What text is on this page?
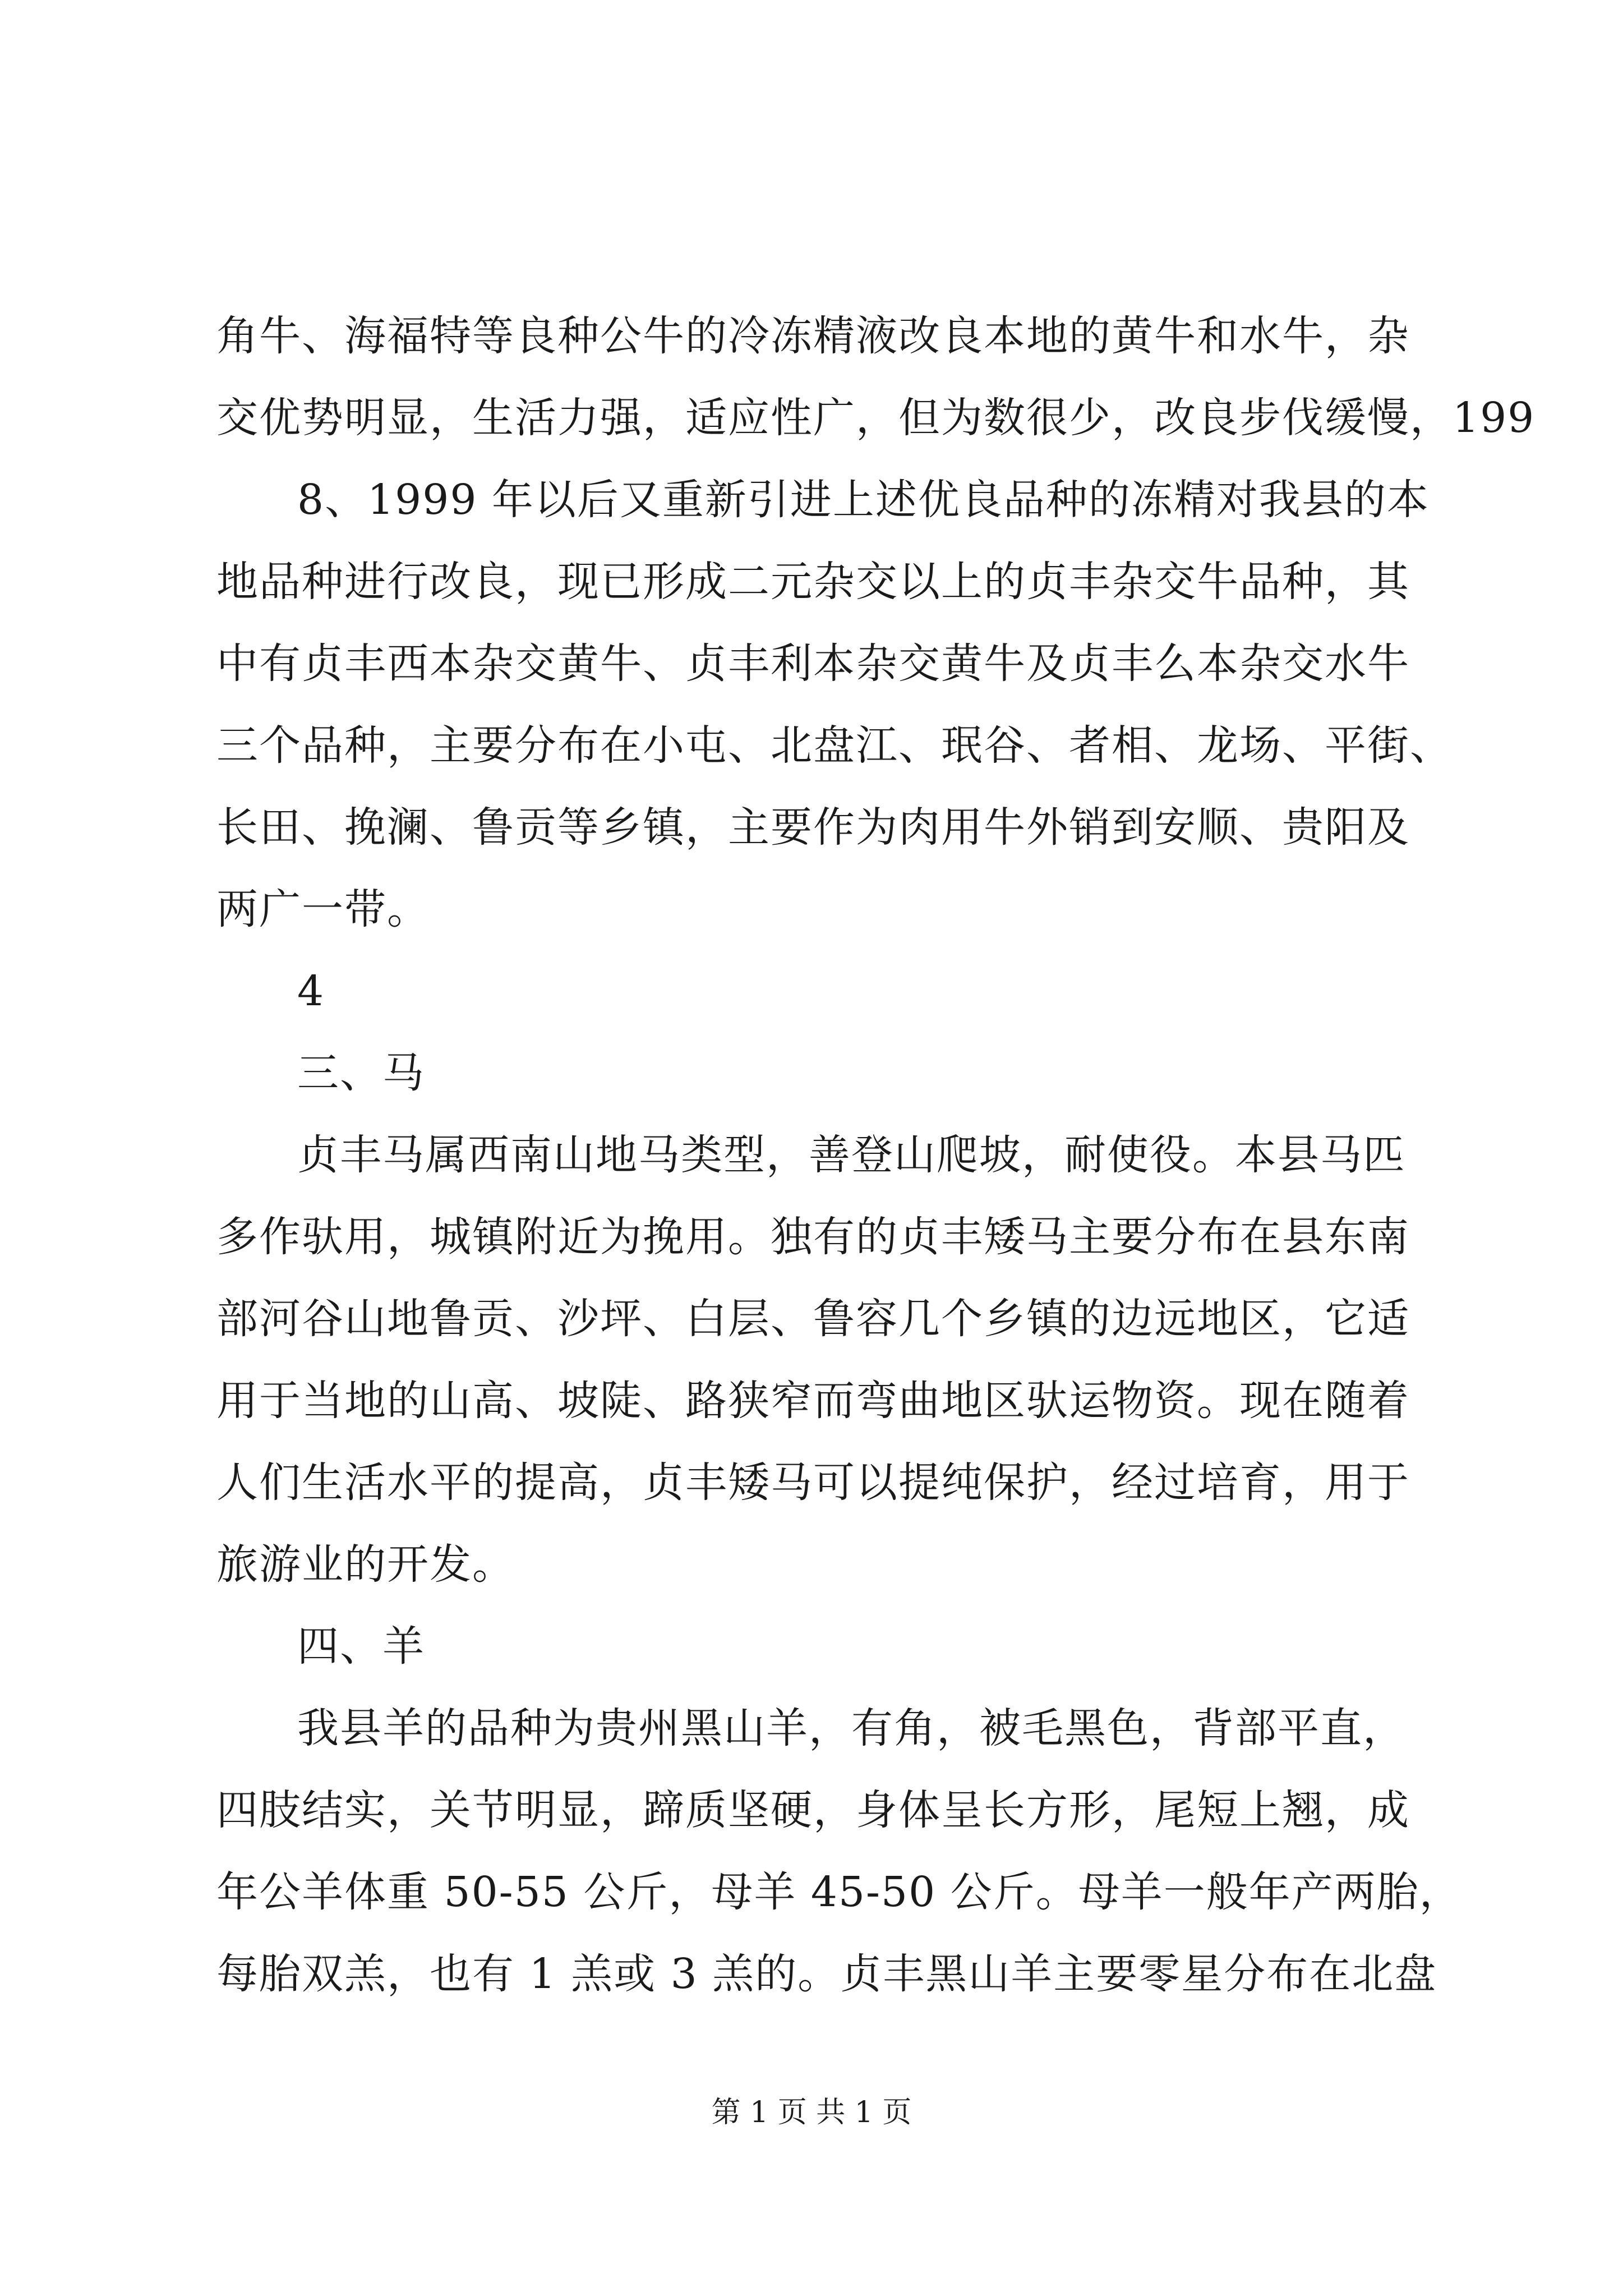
角牛、海福特等良种公牛的冷冻精液改良本地的黄牛和水牛，杂
交优势明显，生活力强，适应性广，但为数很少，改良步伐缓慢，199
8、1999 年以后又重新引进上述优良品种的冻精对我县的本
地品种进行改良，现已形成二元杂交以上的贞丰杂交牛品种，其
中有贞丰西本杂交黄牛、贞丰利本杂交黄牛及贞丰么本杂交水牛
三个品种，主要分布在小屯、北盘江、珉谷、者相、龙场、平街、
长田、挽澜、鲁贡等乡镇，主要作为肉用牛外销到安顺、贵阳及
两广一带。
4
三、马
贞丰马属西南山地马类型，善登山爬坡，耐使役。本县马匹
多作驮用，城镇附近为挽用。独有的贞丰矮马主要分布在县东南
部河谷山地鲁贡、沙坪、白层、鲁容几个乡镇的边远地区，它适
用于当地的山高、坡陡、路狭窄而弯曲地区驮运物资。现在随着
人们生活水平的提高，贞丰矮马可以提纯保护，经过培育，用于
旅游业的开发。
四、羊
我县羊的品种为贵州黑山羊，有角，被毛黑色，背部平直，
四肢结实，关节明显，蹄质坚硬，身体呈长方形，尾短上翘，成
年公羊体重 50-55 公斤，母羊 45-50 公斤。母羊一般年产两胎，
每胎双羔，也有 1 羔或 3 羔的。贞丰黑山羊主要零星分布在北盘
第 1 页 共 1 页
